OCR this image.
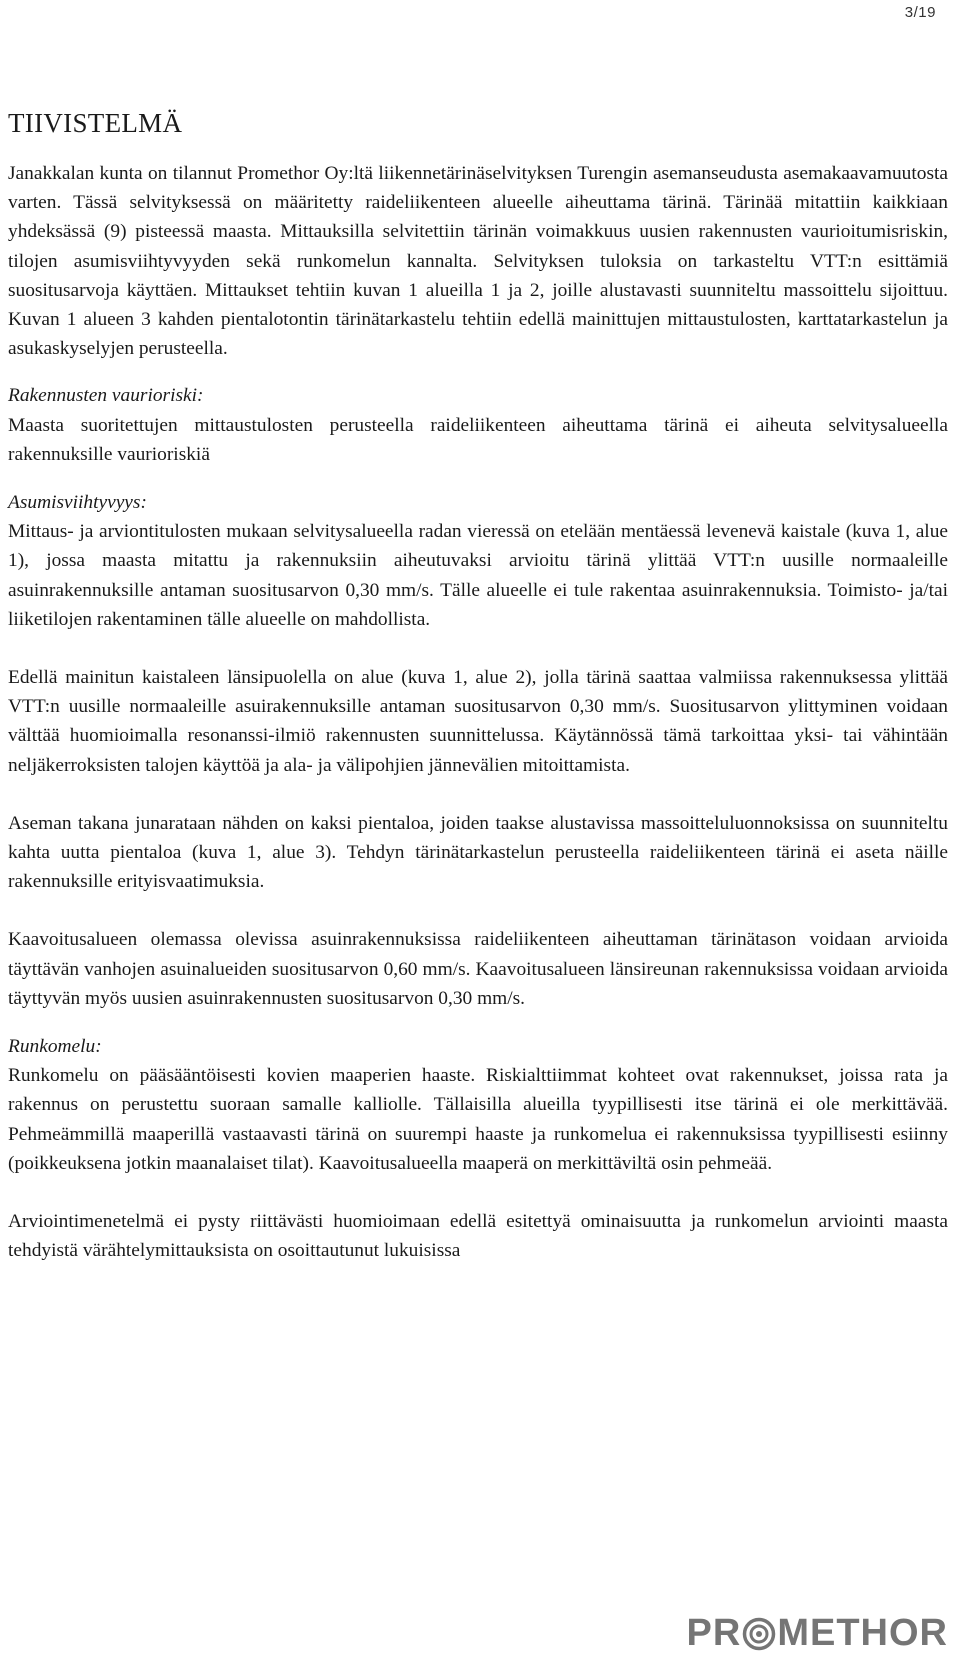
3/19
TIIVISTELMÄ

Janakkalan kunta on tilannut Promethor Oy:ltä liikennetärinäselvityksen Turengin asemanseudusta asemakaavamuutosta varten. Tässä selvityksessä on määritetty raideliikenteen alueelle aiheuttama tärinä. Tärinää mitattiin kaikkiaan yhdeksässä (9) pisteessä maasta. Mittauksilla selvitettiin tärinän voimakkuus uusien rakennusten vaurioitumisriskin, tilojen asumisviihtyvyyden sekä runkomelun kannalta. Selvityksen tuloksia on tarkasteltu VTT:n esittämiä suositusarvoja käyttäen. Mittaukset tehtiin kuvan 1 alueilla 1 ja 2, joille alustavasti suunniteltu massoittelu sijoittuu. Kuvan 1 alueen 3 kahden pientalotontin tärinätarkastelu tehtiin edellä mainittujen mittaustulosten, karttatarkastelun ja asukaskyselyjen perusteella.

Rakennusten vaurioriski:

Maasta suoritettujen mittaustulosten perusteella raideliikenteen aiheuttama tärinä ei aiheuta selvitysalueella rakennuksille vaurioriskiä

Asumisviihtyvyys:

Mittaus- ja arviontitulosten mukaan selvitysalueella radan vieressä on etelään mentäessä levenevä kaistale (kuva 1, alue 1), jossa maasta mitattu ja rakennuksiin aiheutuvaksi arvioitu tärinä ylittää VTT:n uusille normaaleille asuinrakennuksille antaman suositusarvon 0,30 mm/s. Tälle alueelle ei tule rakentaa asuinrakennuksia. Toimisto- ja/tai liiketilojen rakentaminen tälle alueelle on mahdollista.

Edellä mainitun kaistaleen länsipuolella on alue (kuva 1, alue 2), jolla tärinä saattaa valmiissa rakennuksessa ylittää VTT:n uusille normaaleille asuirakennuksille antaman suositusarvon 0,30 mm/s. Suositusarvon ylittyminen voidaan välttää huomioimalla resonanssi-ilmiö rakennusten suunnittelussa. Käytännössä tämä tarkoittaa yksi- tai vähintään neljäkerroksisten talojen käyttöä ja ala- ja välipohjien jännevälien mitoittamista.

Aseman takana junarataan nähden on kaksi pientaloa, joiden taakse alustavissa massoitteluluonnoksissa on suunniteltu kahta uutta pientaloa (kuva 1, alue 3). Tehdyn tärinätarkastelun perusteella raideliikenteen tärinä ei aseta näille rakennuksille erityisvaatimuksia.

Kaavoitusalueen olemassa olevissa asuinrakennuksissa raideliikenteen aiheuttaman tärinätason voidaan arvioida täyttävän vanhojen asuinalueiden suositusarvon 0,60 mm/s. Kaavoitusalueen länsireunan rakennuksissa voidaan arvioida täyttyvän myös uusien asuinrakennusten suositusarvon 0,30 mm/s.

Runkomelu:

Runkomelu on pääsääntöisesti kovien maaperien haaste. Riskialttiimmat kohteet ovat rakennukset, joissa rata ja rakennus on perustettu suoraan samalle kalliolle. Tällaisilla alueilla tyypillisesti itse tärinä ei ole merkittävää. Pehmeämmillä maaperillä vastaavasti tärinä on suurempi haaste ja runkomelua ei rakennuksissa tyypillisesti esiinny (poikkeuksena jotkin maanalaiset tilat). Kaavoitusalueella maaperä on merkittäviltä osin pehmeää.

Arviointimenetelmä ei pysty riittävästi huomioimaan edellä esitettyä ominaisuutta ja runkomelun arviointi maasta tehdyistä värähtelymittauksista on osoittautunut lukuisissa

PR METHOR
